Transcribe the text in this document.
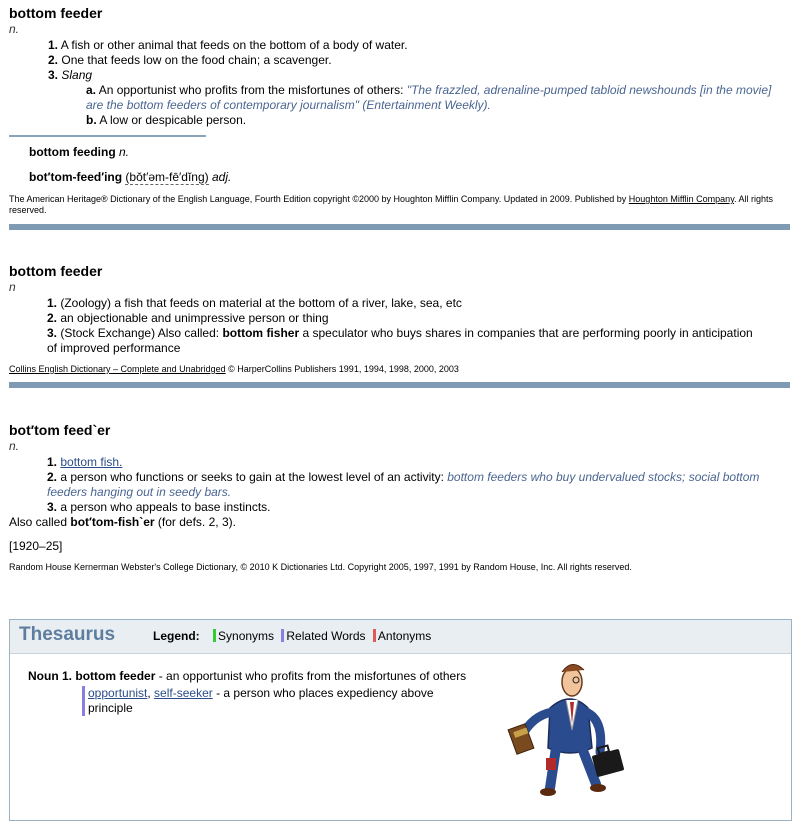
bottom feeder
n.
1. A fish or other animal that feeds on the bottom of a body of water.
2. One that feeds low on the food chain; a scavenger.
3. Slang
a. An opportunist who profits from the misfortunes of others: "The frazzled, adrenaline-pumped tabloid newshounds [in the movie] are the bottom feeders of contemporary journalism" (Entertainment Weekly).
b. A low or despicable person.
bottom feeding n.
bot′tom-feed′ing (bŏt′əm-fē′dĭng) adj.
The American Heritage® Dictionary of the English Language, Fourth Edition copyright ©2000 by Houghton Mifflin Company. Updated in 2009. Published by Houghton Mifflin Company. All rights reserved.
bottom feeder
n
1. (Zoology) a fish that feeds on material at the bottom of a river, lake, sea, etc
2. an objectionable and unimpressive person or thing
3. (Stock Exchange) Also called: bottom fisher a speculator who buys shares in companies that are performing poorly in anticipation of improved performance
Collins English Dictionary – Complete and Unabridged © HarperCollins Publishers 1991, 1994, 1998, 2000, 2003
bot′tom feed`er
n.
1. bottom fish.
2. a person who functions or seeks to gain at the lowest level of an activity: bottom feeders who buy undervalued stocks; social bottom feeders hanging out in seedy bars.
3. a person who appeals to base instincts.
Also called bot′tom-fish`er (for defs. 2, 3).
[1920–25]
Random House Kernerman Webster's College Dictionary, © 2010 K Dictionaries Ltd. Copyright 2005, 1997, 1991 by Random House, Inc. All rights reserved.
Thesaurus	Legend: Synonyms Related Words Antonyms
Noun 1. bottom feeder - an opportunist who profits from the misfortunes of others
opportunist, self-seeker - a person who places expediency above principle
